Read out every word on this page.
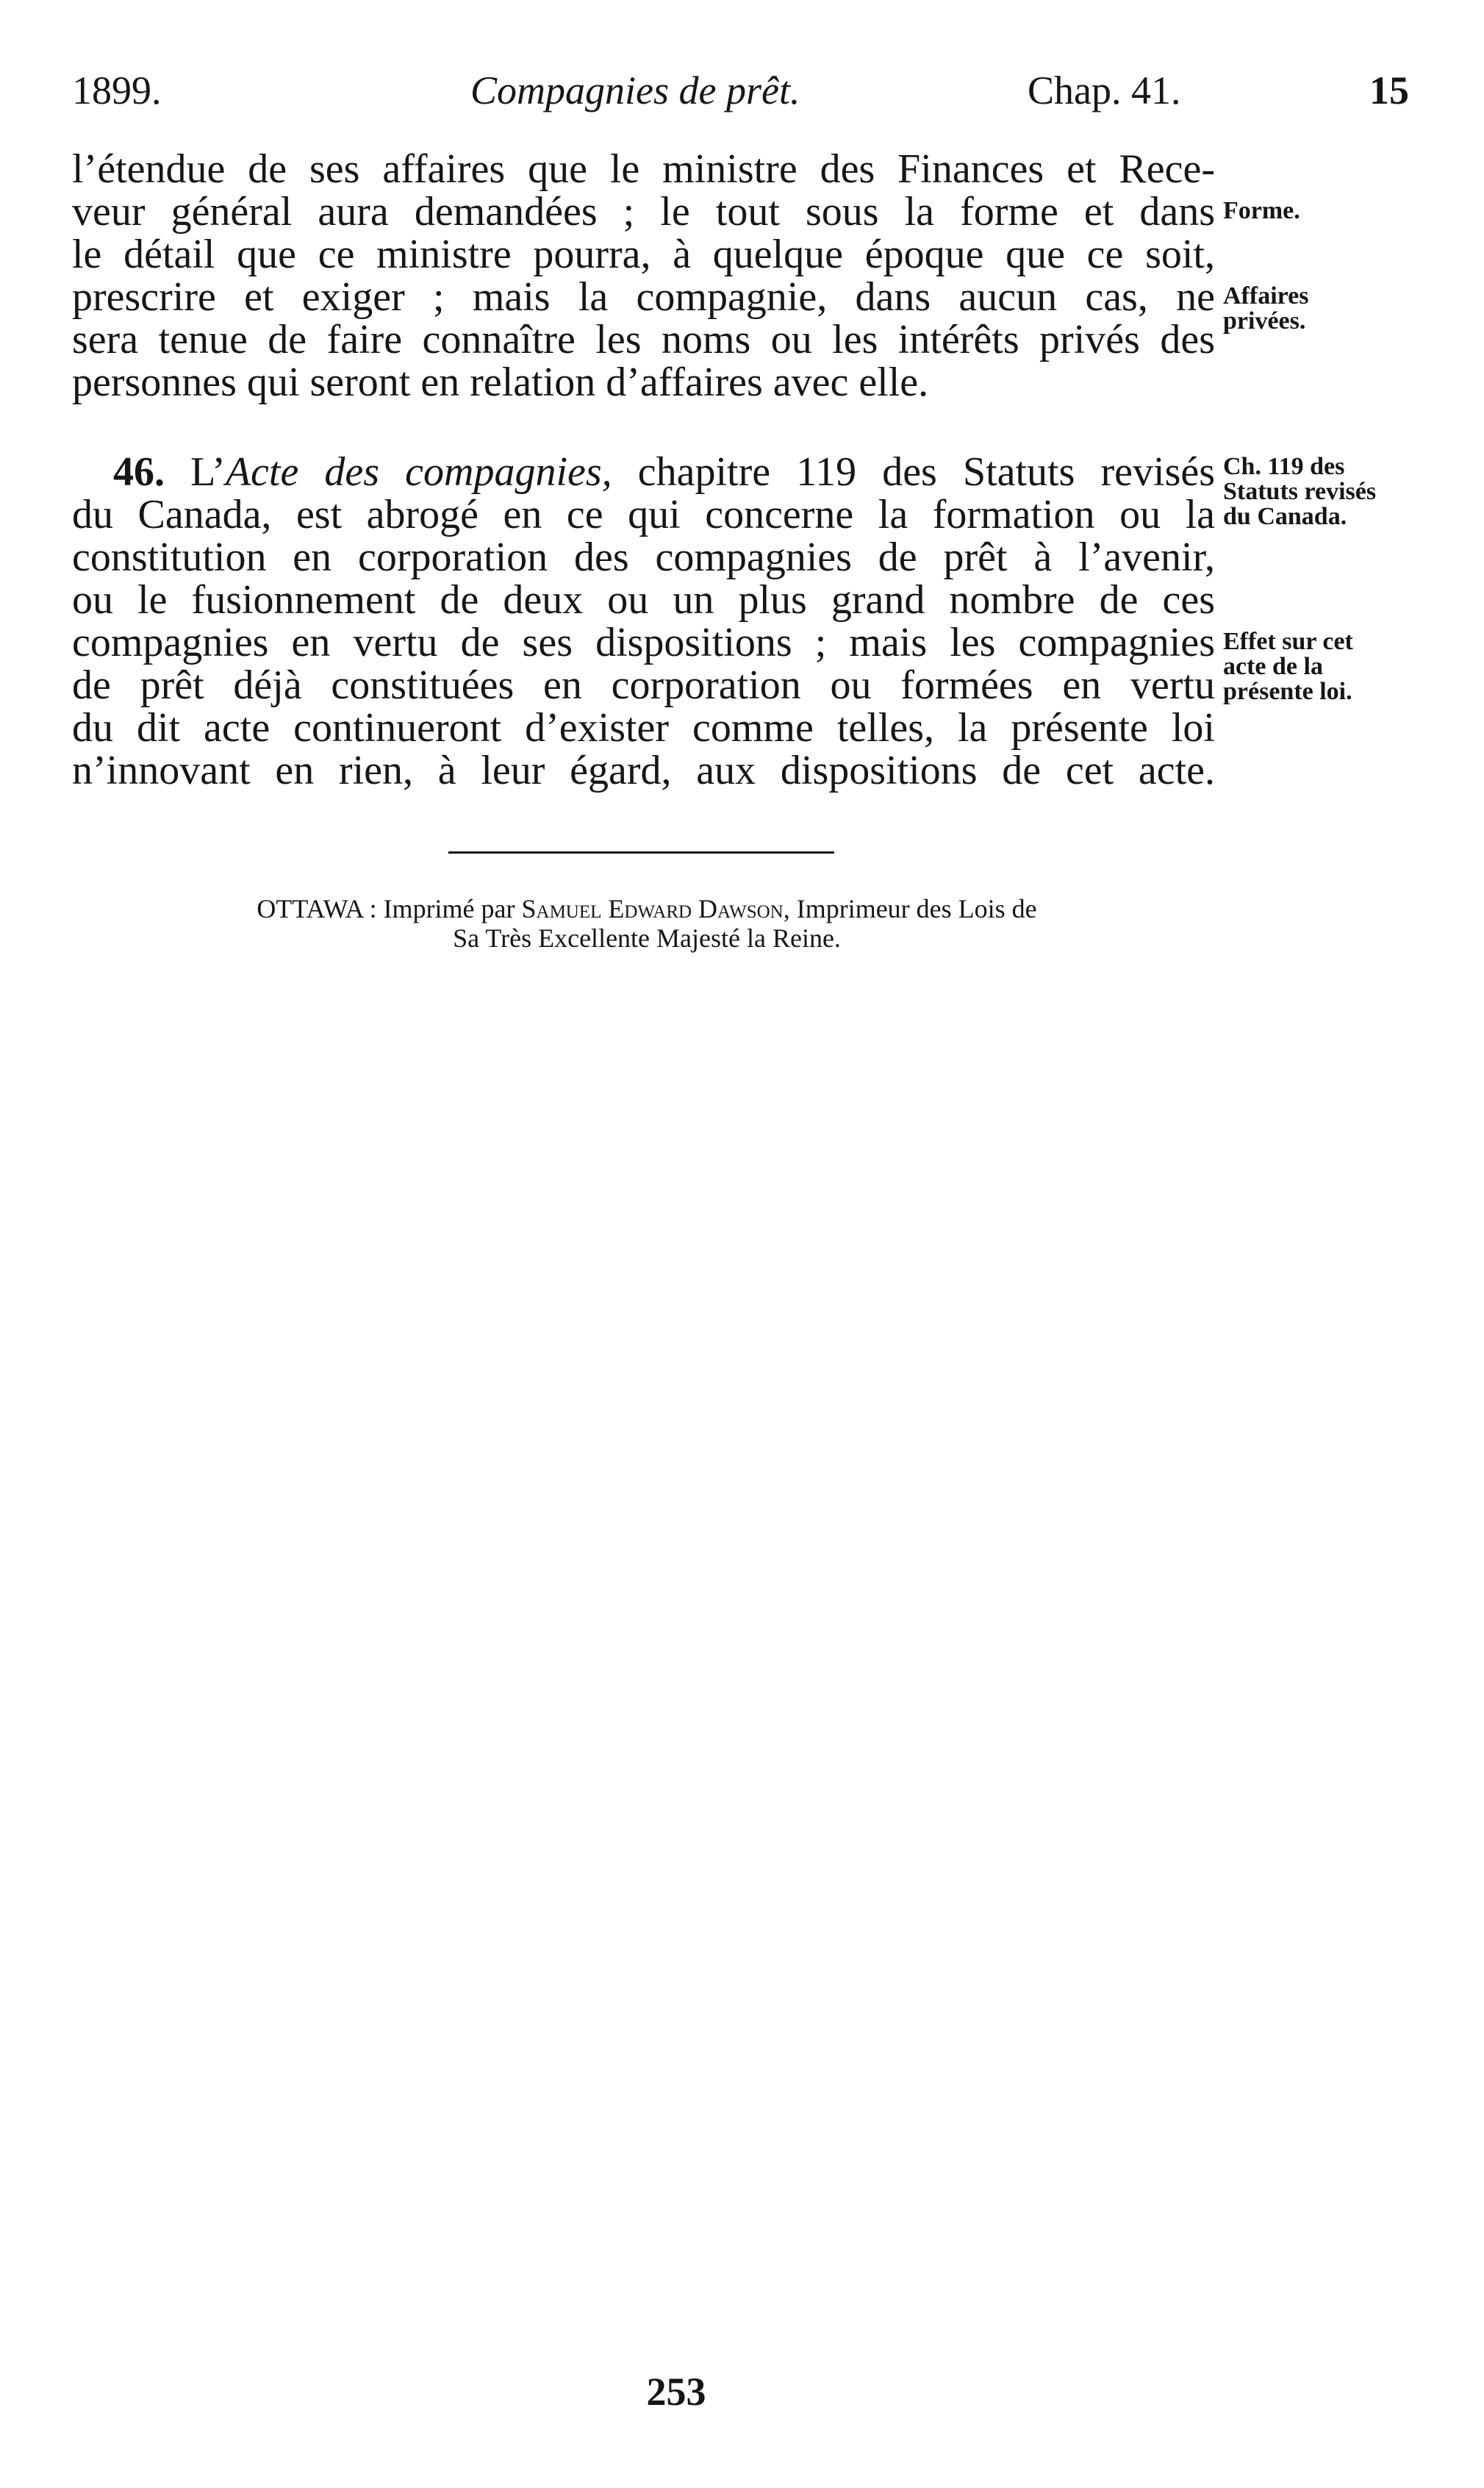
1899.	Compagnies de prêt.	Chap. 41.	15
l’étendue de ses affaires que le ministre des Finances et Rece-
veur général aura demandées ; le tout sous la forme et dans
le détail que ce ministre pourra, à quelque époque que ce soit,
prescrire et exiger ; mais la compagnie, dans aucun cas, ne
sera tenue de faire connaître les noms ou les intérêts privés des
personnes qui seront en relation d’affaires avec elle.
46. L’Acte des compagnies, chapitre 119 des Statuts revisés
du Canada, est abrogé en ce qui concerne la formation ou la
constitution en corporation des compagnies de prêt à l’avenir,
ou le fusionnement de deux ou un plus grand nombre de ces
compagnies en vertu de ses dispositions ; mais les compagnies
de prêt déjà constituées en corporation ou formées en vertu
du dit acte continueront d’exister comme telles, la présente loi
n’innovant en rien, à leur égard, aux dispositions de cet acte.
Forme.
Affaires
privées.
Ch. 119 des
Statuts revisés
du Canada.
Effet sur cet
acte de la
présente loi.
OTTAWA : Imprimé par Samuel Edward Dawson, Imprimeur des Lois de
Sa Très Excellente Majesté la Reine.
253
